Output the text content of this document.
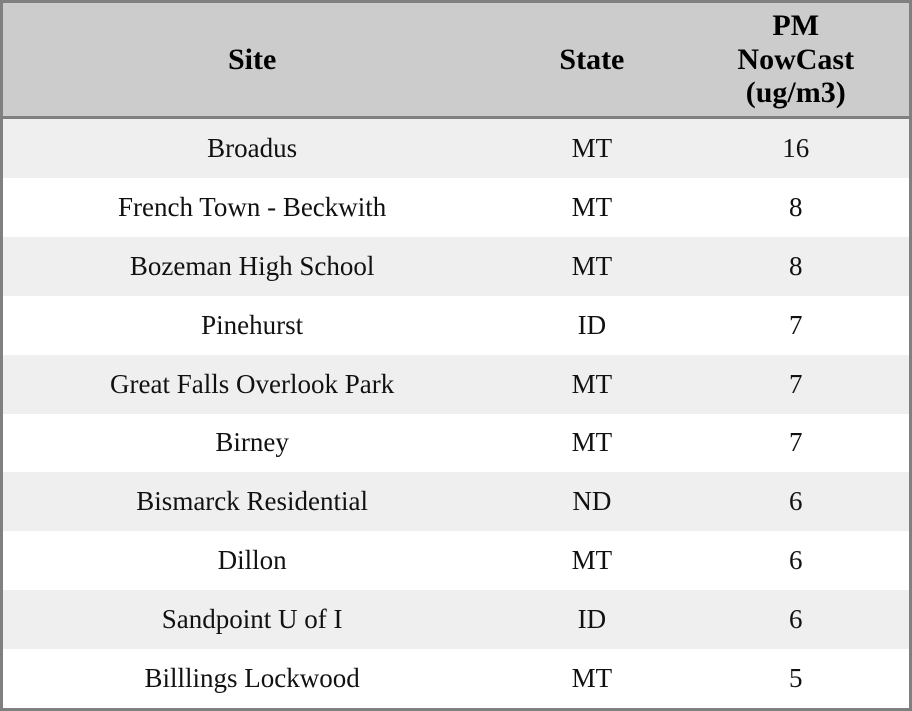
Site	State	PM
NowCast
(ug/m3)

Broadus	MT	16
French Town - Beckwith	MT	8
Bozeman High School	MT	8
Pinehurst	ID	7
Great Falls Overlook Park	MT	7
Birney	MT	7
Bismarck Residential	ND	6
Dillon	MT	6
Sandpoint U of I	ID	6
Billlings Lockwood	MT	5
